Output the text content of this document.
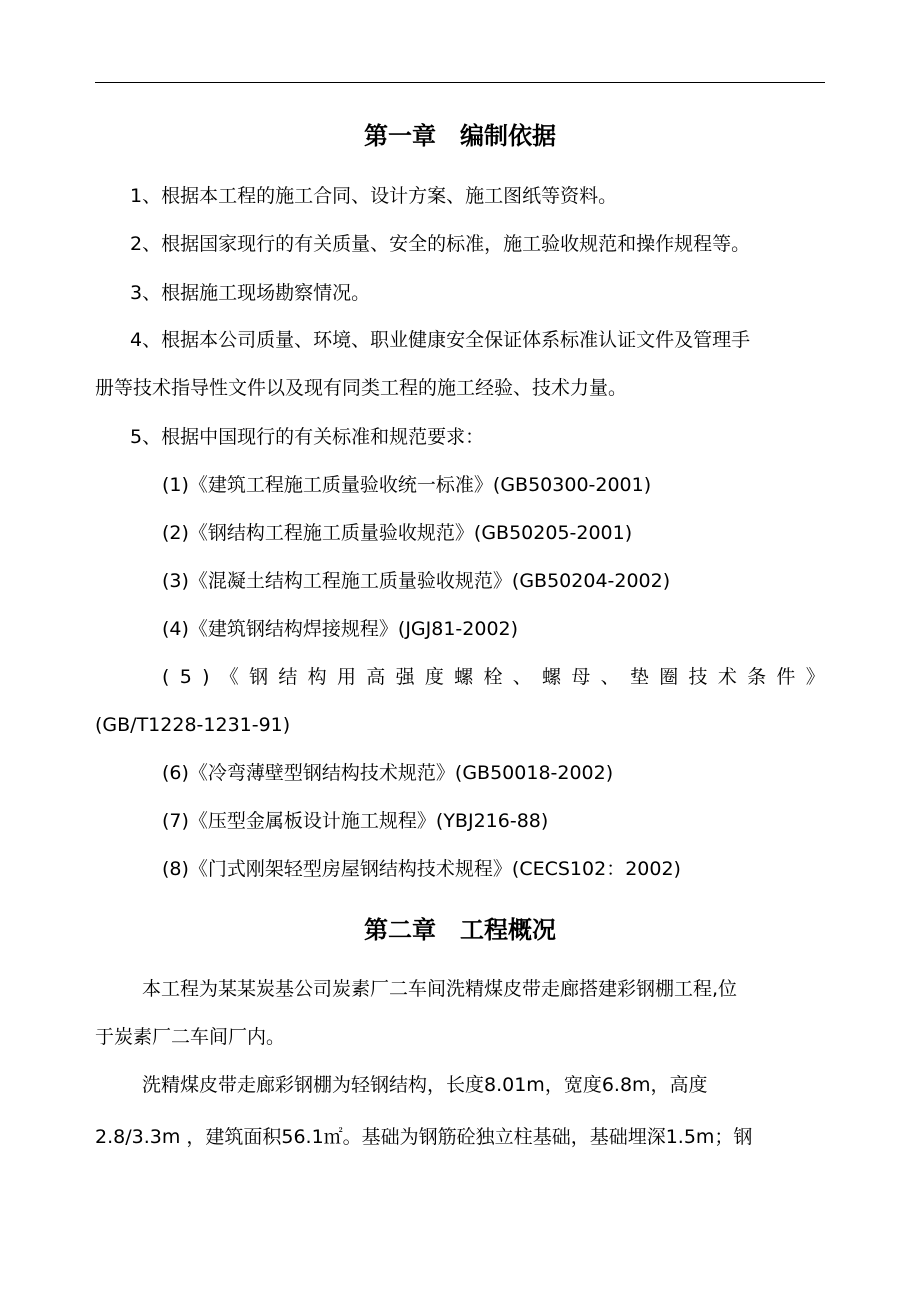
第一章　编制依据
1、根据本工程的施工合同、设计方案、施工图纸等资料。
2、根据国家现行的有关质量、安全的标准，施工验收规范和操作规程等。
3、根据施工现场勘察情况。
4、根据本公司质量、环境、职业健康安全保证体系标准认证文件及管理手
册等技术指导性文件以及现有同类工程的施工经验、技术力量。
5、根据中国现行的有关标准和规范要求：
(1)《建筑工程施工质量验收统一标准》(GB50300-2001)
(2)《钢结构工程施工质量验收规范》(GB50205-2001)
(3)《混凝土结构工程施工质量验收规范》(GB50204-2002)
(4)《建筑钢结构焊接规程》(JGJ81-2002)
( 5 ) 《 钢 结 构 用 高 强 度 螺 栓 、 螺 母 、 垫 圈 技 术 条 件 》
(GB/T1228-1231-91)
(6)《冷弯薄壁型钢结构技术规范》(GB50018-2002)
(7)《压型金属板设计施工规程》(YBJ216-88)
(8)《门式刚架轻型房屋钢结构技术规程》(CECS102：2002)
第二章　工程概况
本工程为某某炭基公司炭素厂二车间洗精煤皮带走廊搭建彩钢棚工程,位
于炭素厂二车间厂内。
洗精煤皮带走廊彩钢棚为轻钢结构，长度8.01m，宽度6.8m，高度
2.8/3.3m ，建筑面积56.1㎡。基础为钢筋砼独立柱基础，基础埋深1.5m；钢
